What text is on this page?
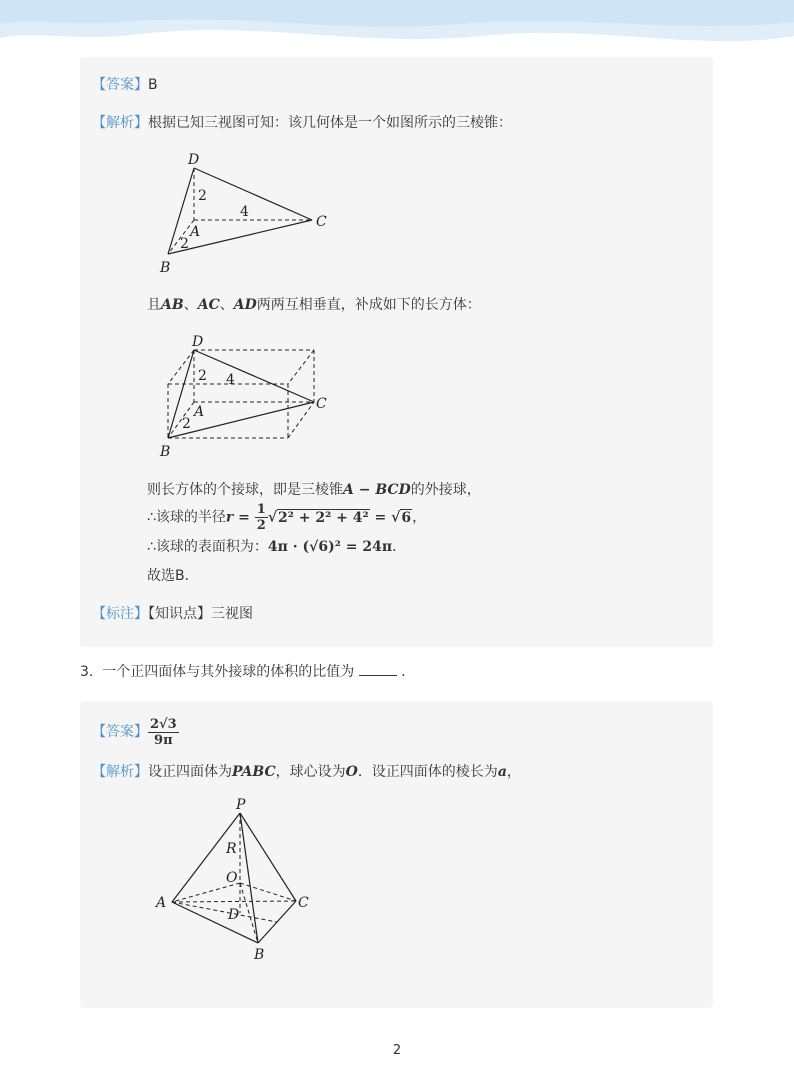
【答案】B
【解析】根据已知三视图可知：该几何体是一个如图所示的三棱锥：
D
2
4
A
2
B
C
且AB、AC、AD两两互相垂直，补成如下的长方体：
D
2 4
A
2
B
C
则长方体的个接球，即是三棱锥A − BCD的外接球，
∴该球的半径$r = \frac{1}{2} √2^2 + 2^2 + 4^2 = √6$，
∴该球的表面积为：4π · (√6)² = 24π．
故选B．
【标注】【知识点】三视图
3. 一个正四面体与其外接球的体积的比值为	．
【答案】 $\frac{2√3}{9\pi}$
【解析】设正四面体为PABC，球心设为O．设正四面体的棱长为a，
P
R
O
A
D
C
B
2
